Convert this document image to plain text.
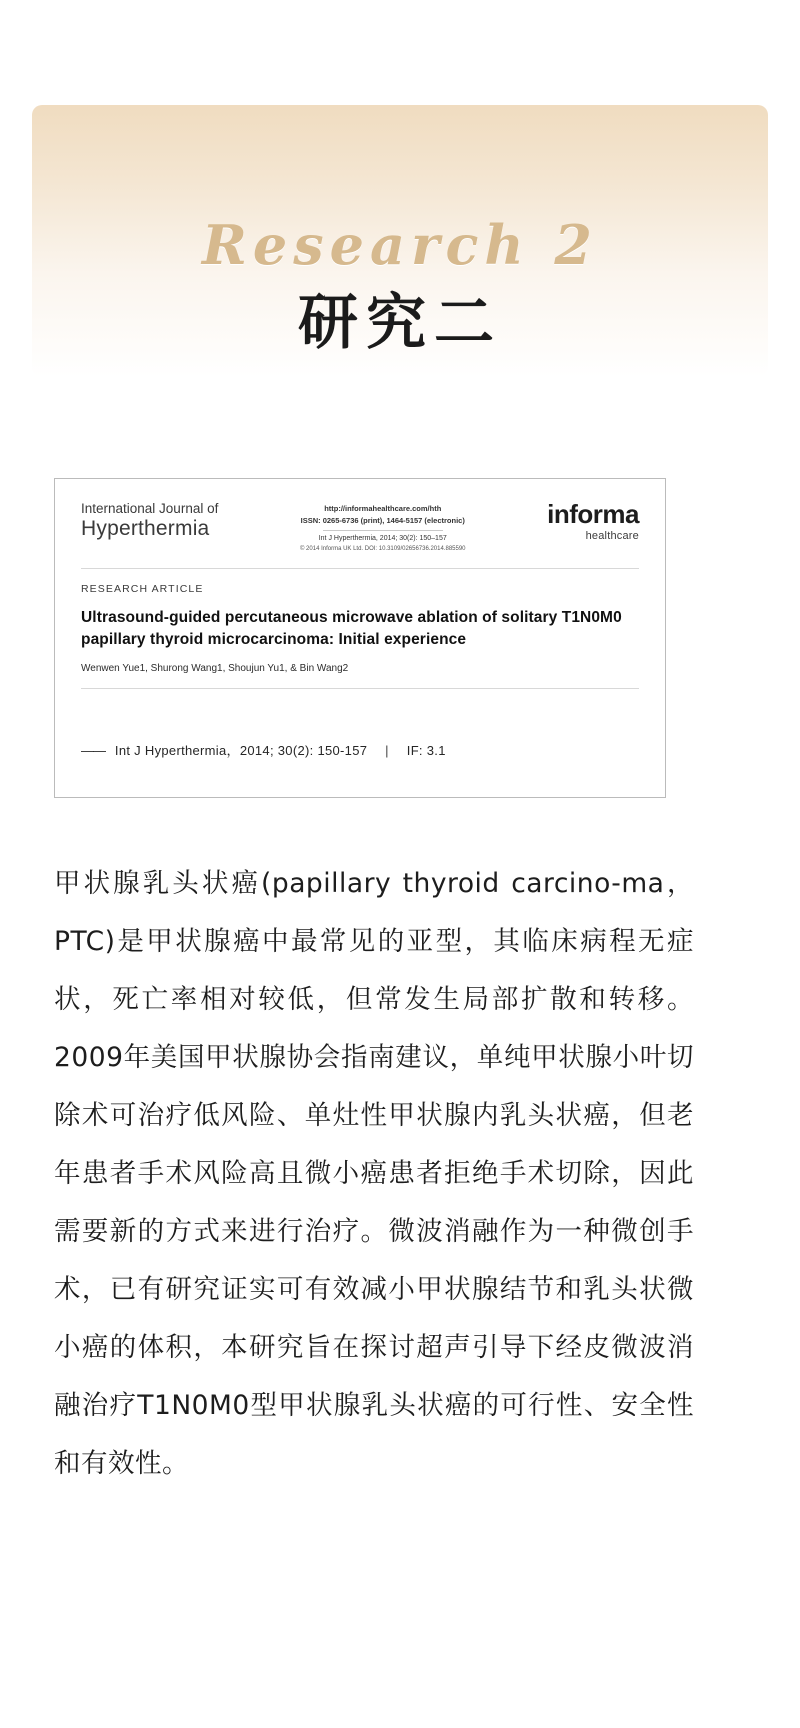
Research 2
研究二
International Journal of
Hyperthermia
http://informahealthcare.com/hth
ISSN: 0265-6736 (print), 1464-5157 (electronic)
Int J Hyperthermia, 2014; 30(2): 150–157
© 2014 Informa UK Ltd. DOI: 10.3109/02656736.2014.885590
informa
healthcare
RESEARCH ARTICLE
Ultrasound-guided percutaneous microwave ablation of solitary T1N0M0 papillary thyroid microcarcinoma: Initial experience
Wenwen Yue1, Shurong Wang1, Shoujun Yu1, & Bin Wang2
—— Int J Hyperthermia，2014; 30(2): 150-157 | IF: 3.1
甲状腺乳头状癌(papillary thyroid carcino-ma，PTC)是甲状腺癌中最常见的亚型，其临床病程无症状，死亡率相对较低，但常发生局部扩散和转移。2009年美国甲状腺协会指南建议，单纯甲状腺小叶切除术可治疗低风险、单灶性甲状腺内乳头状癌，但老年患者手术风险高且微小癌患者拒绝手术切除，因此需要新的方式来进行治疗。微波消融作为一种微创手术，已有研究证实可有效减小甲状腺结节和乳头状微小癌的体积，本研究旨在探讨超声引导下经皮微波消融治疗T1N0M0型甲状腺乳头状癌的可行性、安全性和有效性。
